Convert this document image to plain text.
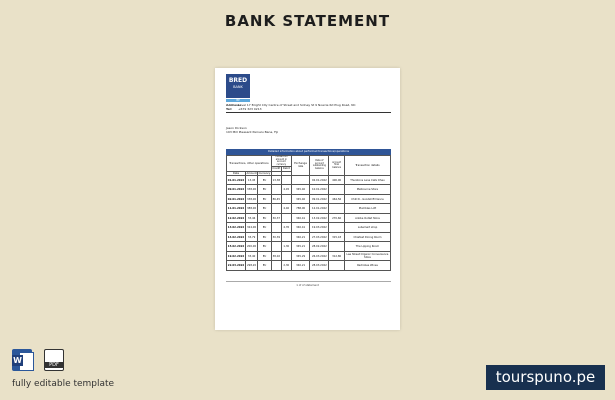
BANK STATEMENT
BRED
BANK
BP
Address:Level 17 Bright City Centre of Street and Sidney St 9 Nowrie Rd Plug Road, NC
Tel: +679 323 0213
Jason Dickson
193 Mill Pleasant Parnelu Bana, Fiji
Detailed information about performed transactions/operations
Transactions, other operations			Transaction amount in account currency		Exchange rate	Date of account outstanding balance	Account final balance	Transaction details
			Credit	Debit				
Date	Amount	Currency						
01.01.2022	13,45	EU	13,38			02.01.2022	400,00	Thurstons Lane Cafe Ohau
09.01.2022	338,00	EU		4,45	345,40	10.01.2022		Melbourne Store
02.01.2022	338,00	EU	86,45		345,40	09.01.2022	464,56	Chill N - Goodshift Dance
11.01.2022	388,00	EU		4,40	788,00	12.01.2022		Mumbles Loft
12.02.2022	33,46	EU	30,37		340,41	13.02.2022	270,60	Adobe Outlet Store
13.02.2022	324,00	EU		4,35	340,41	19.03.2022		Lubemart shop
14.02.2022	33,79	EU	30,39		340,21	27.03.2022	315,43	Chiefest Dining Room
15.02.2022	200,00	EU		1,30	345,21	28.02.2022		The Lipping Room
19.02.2022	33,40	EU	38,02		345,29	26.03.2022	312,80	Lee Street Organic Convenience Store
22.03.2022	298,20	EU		2,30	340,21	28.03.2022		Redrobes Wines
1 of of statement
W	PDF
fully editable template	tourspuno.pe
